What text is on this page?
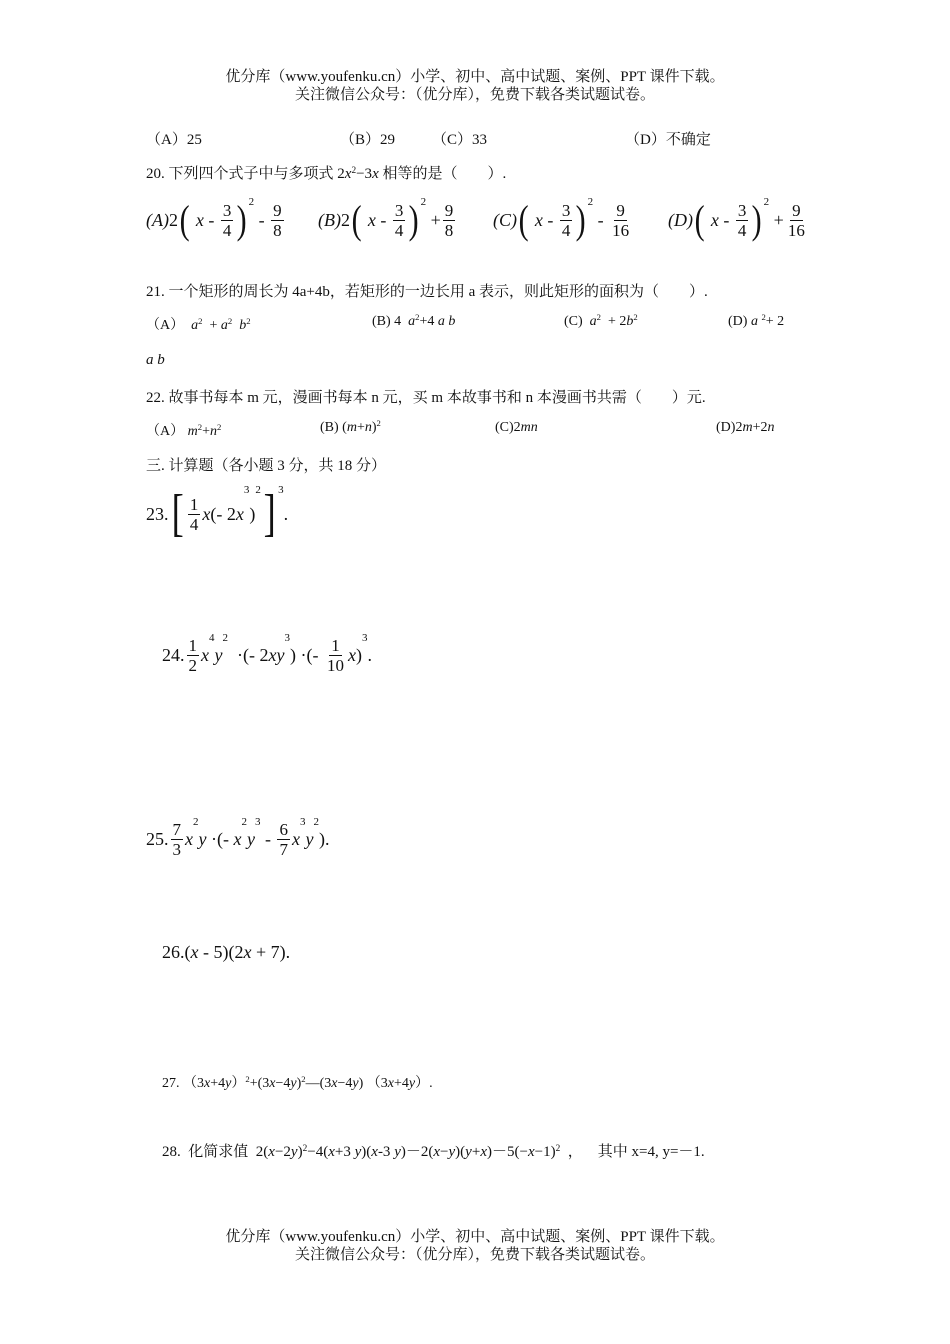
优分库（www.youfenku.cn）小学、初中、高中试题、案例、PPT 课件下载。
关注微信公众号：（优分库），免费下载各类试题试卷。
（A）25	（B）29 （C）33	（D）不确定
20. 下列四个式子中与多项式 $2x^2-3x$ 相等的是（　　）.
(A) 2 ( x - $\frac{3}{4}$ ) 2
- $\frac{9}{8} (B)$ 2 ( x - $\frac{3}{4}$ ) 2
+ $\frac{9}{8} (C)$ ( x - $\frac{3}{4}$ ) 2
- $\frac{9}{16} (D)$ ( x - $\frac{3}{4}$ ) 2
+ $\frac{9}{16}$
21. 一个矩形的周长为 4a+4b，若矩形的一边长用 a 表示，则此矩形的面积为（　　）.
（A） $a^2 + a^2$ $b^2$	(B) 4 $a^2+4$ a b	(C) $a^2 + 2b^2$	(D) a $^2$+ 2
a b
22. 故事书每本 m 元，漫画书每本 n 元，买 m 本故事书和 n 本漫画书共需（　　）元.
（A） $m^2+n^2$	(B) $(m+n)^2$	(C)2mn	(D)2m+2n
三. 计算题（各小题 3 分，共 18 分）
23. [ $\frac{1}{4}$ x (- 2 x
3
)
2 ] 3
.
24. $\frac{1}{2}$ x
4
y
2
·(- 2 xy
3
) ·(- $\frac{1}{10}$ x )
3
.
25. $\frac{7}{3}$ x
2
y ·(- x
2
y
3
- $\frac{6}{7}$ x
3
y
2
).
26. ( x - 5)(2 x + 7).
27. $(3x+4y)^2+(3x-4y)^2—(3x-4y)$ （3x+4y）.
28. 化简求值  $2(x-2y)^2-4(x+3$ y)(x-3 $y)-2(x-y)(y+x)-5(-x-1)^2$  ，    其中 x=4, y=－1.
优分库（www.youfenku.cn）小学、初中、高中试题、案例、PPT 课件下载。
关注微信公众号：（优分库），免费下载各类试题试卷。
